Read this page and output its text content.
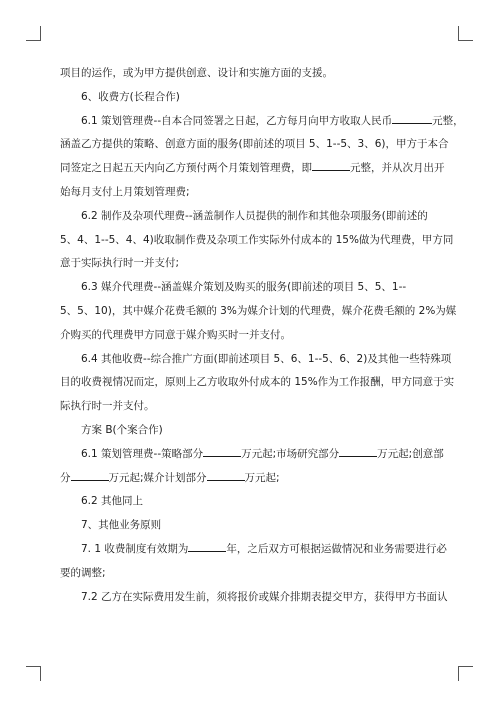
项目的运作，或为甲方提供创意、设计和实施方面的支援。

6、收费方(长程合作)

6.1 策划管理费--自本合同签署之日起，乙方每月向甲方收取人民币	元整，

涵盖乙方提供的策略、创意方面的服务(即前述的项目 5、1--5、3、6)，甲方于本合

同签定之日起五天内向乙方预付两个月策划管理费，即	元整，并从次月出开

始每月支付上月策划管理费;

6.2 制作及杂项代理费--涵盖制作人员提供的制作和其他杂项服务(即前述的

5、4、1--5、4、4)收取制作费及杂项工作实际外付成本的 15%做为代理费，甲方同

意于实际执行时一并支付;

6.3 媒介代理费--涵盖媒介策划及购买的服务(即前述的项目 5、5、1--

5、5、10)，其中媒介花费毛额的 3%为媒介计划的代理费，媒介花费毛额的 2%为媒

介购买的代理费甲方同意于媒介购买时一并支付。

6.4 其他收费--综合推广方面(即前述项目 5、6、1--5、6、2)及其他一些特殊项

目的收费视情况而定，原则上乙方收取外付成本的 15%作为工作报酬，甲方同意于实

际执行时一并支付。

方案 B(个案合作)

6.1 策划管理费--策略部分	万元起;市场研究部分	万元起;创意部

分	万元起;媒介计划部分	万元起;

6.2 其他同上

7、其他业务原则

7. 1 收费制度有效期为	年，之后双方可根据运做情况和业务需要进行必

要的调整;

7.2 乙方在实际费用发生前，须将报价或媒介排期表提交甲方，获得甲方书面认
